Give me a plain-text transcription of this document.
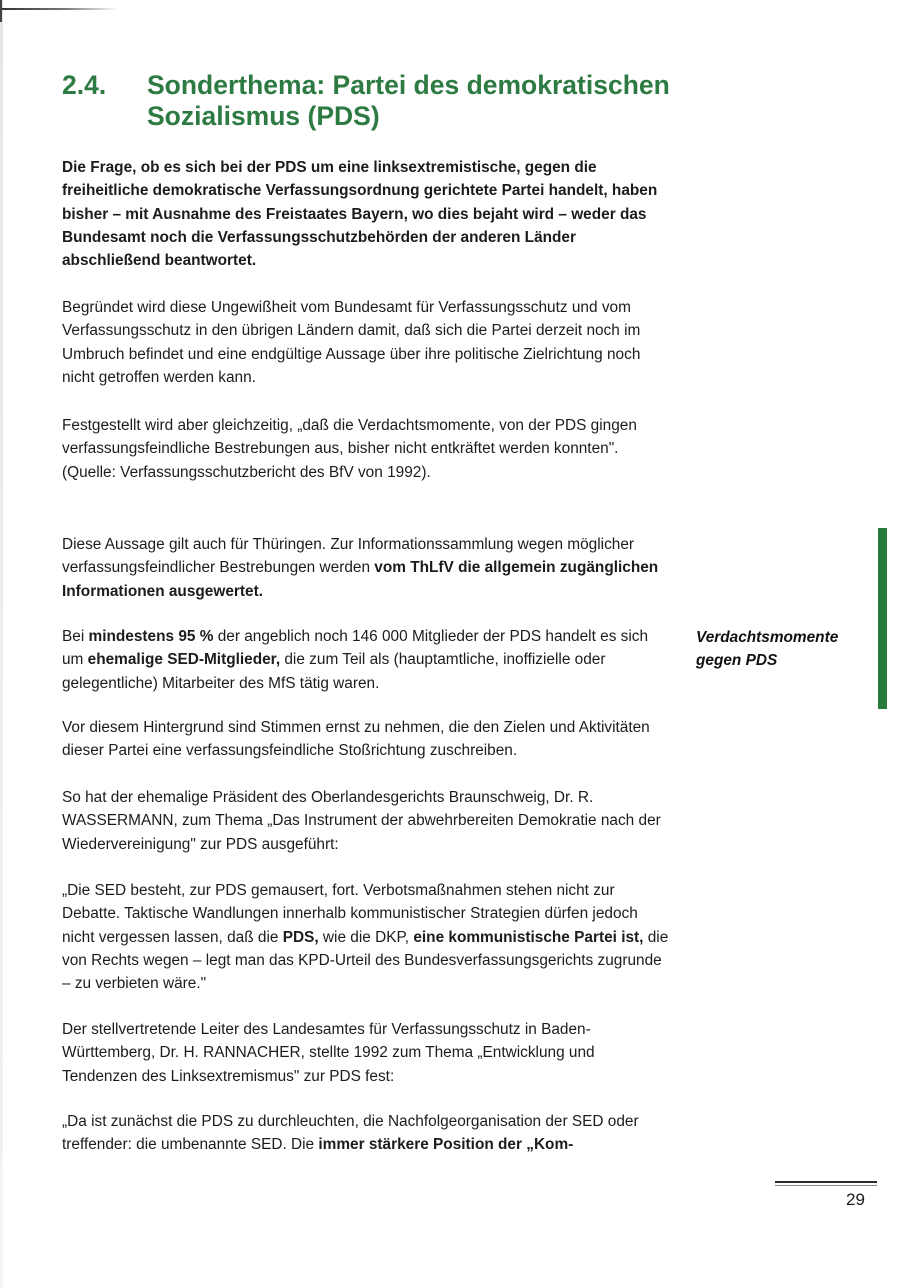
2.4. Sonderthema: Partei des demokratischen Sozialismus (PDS)

Die Frage, ob es sich bei der PDS um eine linksextremistische, gegen die freiheitliche demokratische Verfassungsordnung gerichtete Partei handelt, haben bisher – mit Ausnahme des Freistaates Bayern, wo dies bejaht wird – weder das Bundesamt noch die Verfassungsschutzbehörden der anderen Länder abschließend beantwortet.

Begründet wird diese Ungewißheit vom Bundesamt für Verfassungsschutz und vom Verfassungsschutz in den übrigen Ländern damit, daß sich die Partei derzeit noch im Umbruch befindet und eine endgültige Aussage über ihre politische Zielrichtung noch nicht getroffen werden kann.

Festgestellt wird aber gleichzeitig, „daß die Verdachtsmomente, von der PDS gingen verfassungsfeindliche Bestrebungen aus, bisher nicht entkräftet werden konnten".
(Quelle: Verfassungsschutzbericht des BfV von 1992).

Diese Aussage gilt auch für Thüringen. Zur Informationssammlung wegen möglicher verfassungsfeindlicher Bestrebungen werden vom ThLfV die allgemein zugänglichen Informationen ausgewertet.

Bei mindestens 95 % der angeblich noch 146 000 Mitglieder der PDS handelt es sich um ehemalige SED-Mitglieder, die zum Teil als (hauptamtliche, inoffizielle oder gelegentliche) Mitarbeiter des MfS tätig waren.

Vor diesem Hintergrund sind Stimmen ernst zu nehmen, die den Zielen und Aktivitäten dieser Partei eine verfassungsfeindliche Stoßrichtung zuschreiben.

So hat der ehemalige Präsident des Oberlandesgerichts Braunschweig, Dr. R. WASSERMANN, zum Thema „Das Instrument der abwehrbereiten Demokratie nach der Wiedervereinigung" zur PDS ausgeführt:

„Die SED besteht, zur PDS gemausert, fort. Verbotsmaßnahmen stehen nicht zur Debatte. Taktische Wandlungen innerhalb kommunistischer Strategien dürfen jedoch nicht vergessen lassen, daß die PDS, wie die DKP, eine kommunistische Partei ist, die von Rechts wegen – legt man das KPD-Urteil des Bundesverfassungsgerichts zugrunde – zu verbieten wäre."

Der stellvertretende Leiter des Landesamtes für Verfassungsschutz in Baden-Württemberg, Dr. H. RANNACHER, stellte 1992 zum Thema „Entwicklung und Tendenzen des Linksextremismus" zur PDS fest:

„Da ist zunächst die PDS zu durchleuchten, die Nachfolgeorganisation der SED oder treffender: die umbenannte SED. Die immer stärkere Position der „Kom-

Verdachtsmomente
gegen PDS

29
